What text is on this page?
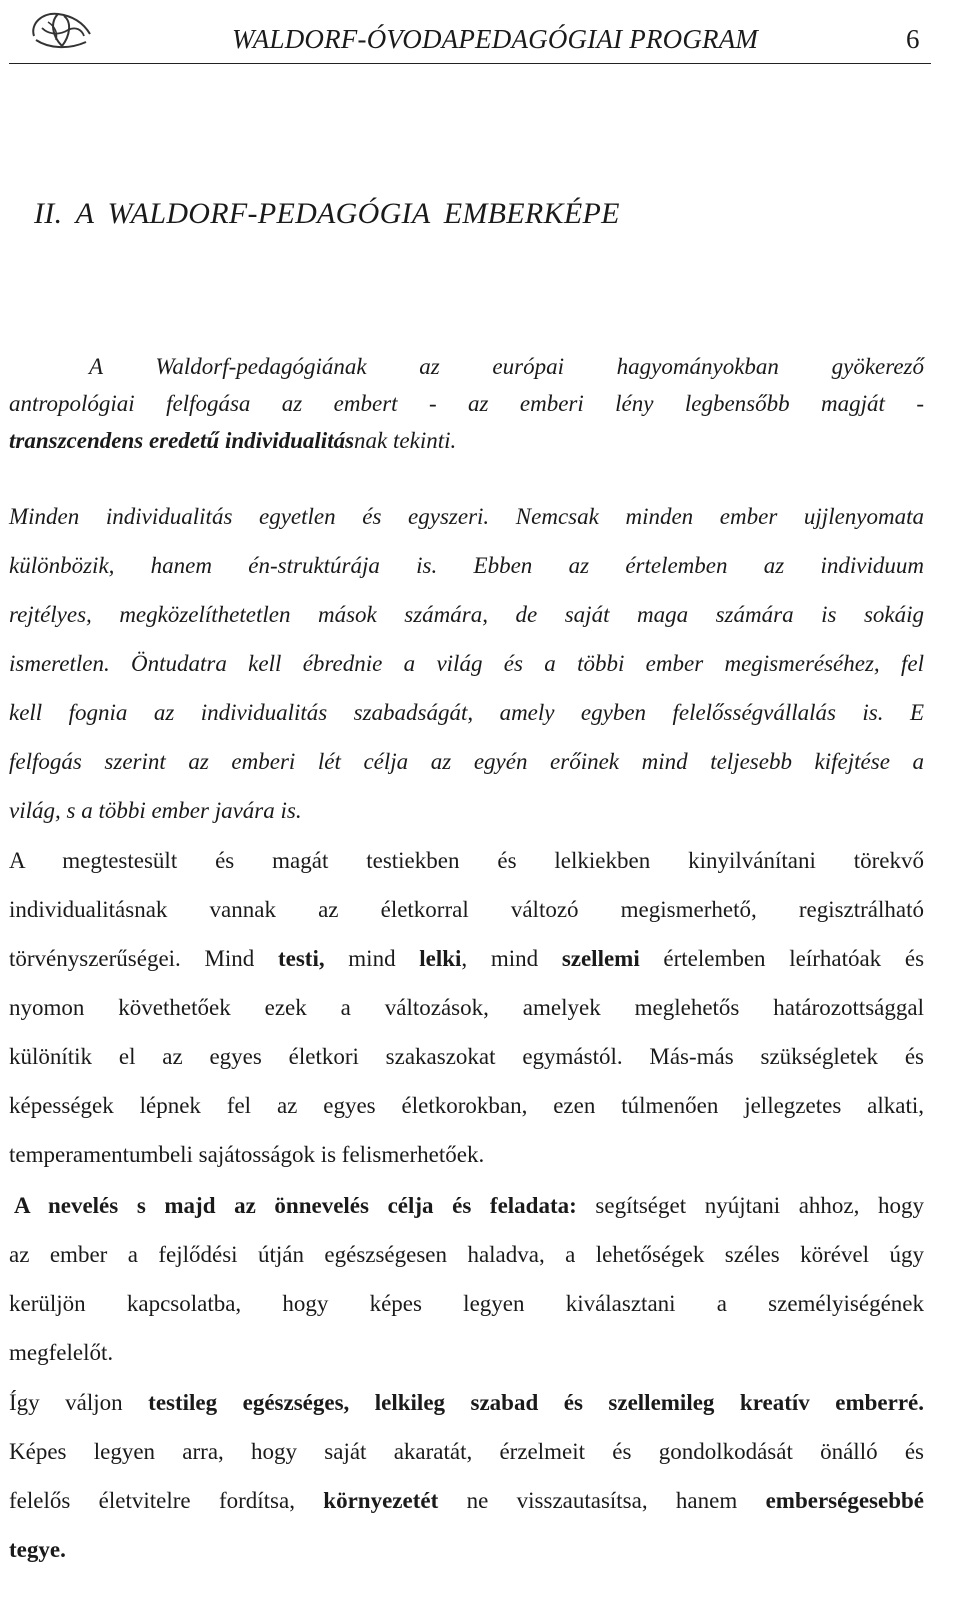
WALDORF-ÓVODAPEDAGÓGIAI PROGRAM	6
II. A WALDORF-PEDAGÓGIA EMBERKÉPE
A Waldorf-pedagógiának az európai hagyományokban gyökerező
antropológiai felfogása az embert - az emberi lény legbensőbb magját -
transzcendens eredetű individualitásnak tekinti.
Minden individualitás egyetlen és egyszeri. Nemcsak minden ember ujjlenyomata
különbözik, hanem én-struktúrája is. Ebben az értelemben az individuum
rejtélyes, megközelíthetetlen mások számára, de saját maga számára is sokáig
ismeretlen. Öntudatra kell ébrednie a világ és a többi ember megismeréséhez, fel
kell fognia az individualitás szabadságát, amely egyben felelősségvállalás is. E
felfogás szerint az emberi lét célja az egyén erőinek mind teljesebb kifejtése a
világ, s a többi ember javára is.
A megtestesült és magát testiekben és lelkiekben kinyilvánítani törekvő
individualitásnak vannak az életkorral változó megismerhető, regisztrálható
törvényszerűségei. Mind testi, mind lelki, mind szellemi értelemben leírhatóak és
nyomon követhetőek ezek a változások, amelyek meglehetős határozottsággal
különítik el az egyes életkori szakaszokat egymástól. Más-más szükségletek és
képességek lépnek fel az egyes életkorokban, ezen túlmenően jellegzetes alkati,
temperamentumbeli sajátosságok is felismerhetőek.
A nevelés s majd az önnevelés célja és feladata: segítséget nyújtani ahhoz, hogy
az ember a fejlődési útján egészségesen haladva, a lehetőségek széles körével úgy
kerüljön kapcsolatba, hogy képes legyen kiválasztani a személyiségének
megfelelőt.
Így váljon testileg egészséges, lelkileg szabad és szellemileg kreatív emberré.
Képes legyen arra, hogy saját akaratát, érzelmeit és gondolkodását önálló és
felelős életvitelre fordítsa, környezetét ne visszautasítsa, hanem emberségesebbé
tegye.
